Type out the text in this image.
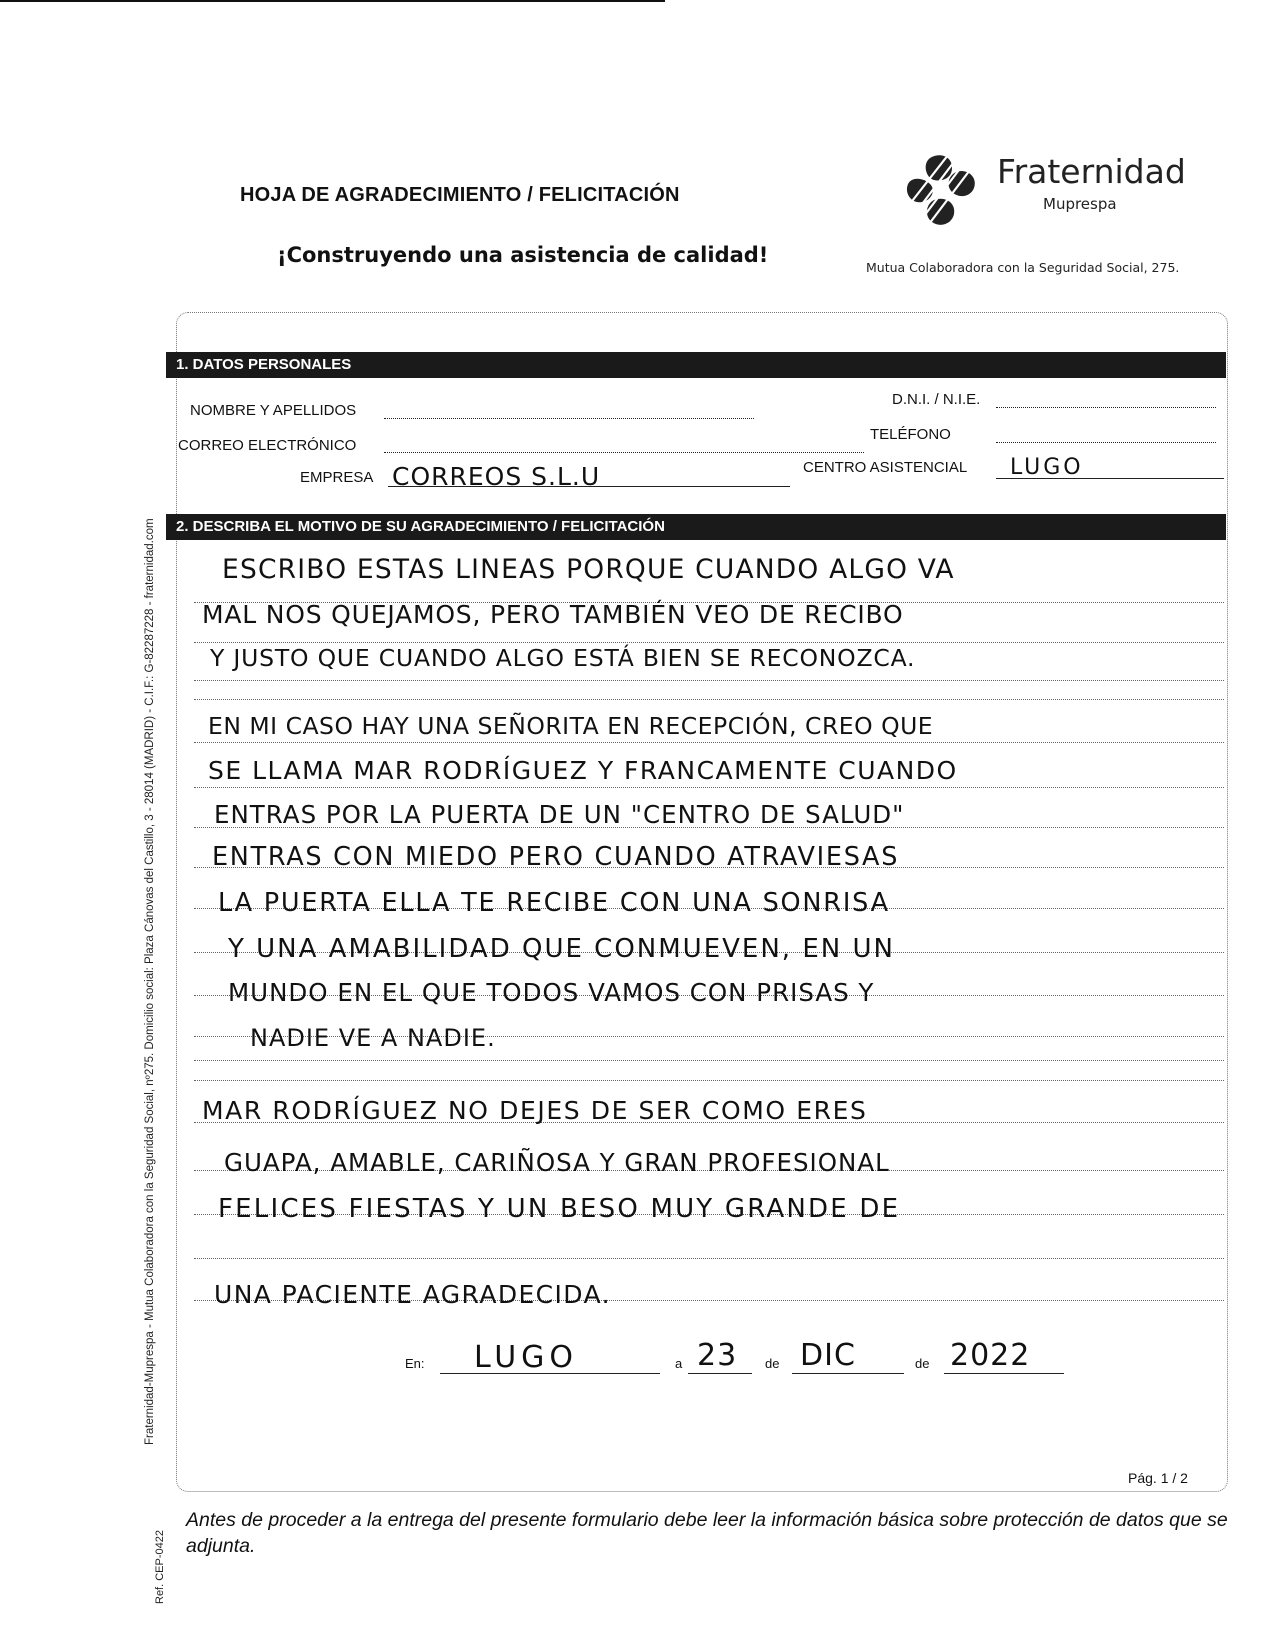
HOJA DE AGRADECIMIENTO / FELICITACIÓN
¡Construyendo una asistencia de calidad!
Fraternidad
Muprespa
Mutua Colaboradora con la Seguridad Social, 275.
1. DATOS PERSONALES
NOMBRE Y APELLIDOS
D.N.I. / N.I.E.
CORREO ELECTRÓNICO
TELÉFONO
EMPRESA CORREOS S.L.U	CENTRO ASISTENCIAL LUGO
2. DESCRIBA EL MOTIVO DE SU AGRADECIMIENTO / FELICITACIÓN
ESCRIBO ESTAS LINEAS PORQUE CUANDO ALGO VA
MAL NOS QUEJAMOS, PERO TAMBIÉN VEO DE RECIBO
Y JUSTO QUE CUANDO ALGO ESTÁ BIEN SE RECONOZCA.
EN MI CASO HAY UNA SEÑORITA EN RECEPCIÓN, CREO QUE
SE LLAMA MAR RODRÍGUEZ Y FRANCAMENTE CUANDO
ENTRAS POR LA PUERTA DE UN "CENTRO DE SALUD"
ENTRAS CON MIEDO PERO CUANDO ATRAVIESAS
LA PUERTA ELLA TE RECIBE CON UNA SONRISA
Y UNA AMABILIDAD QUE CONMUEVEN, EN UN
MUNDO EN EL QUE TODOS VAMOS CON PRISAS Y
NADIE VE A NADIE.
MAR RODRÍGUEZ NO DEJES DE SER COMO ERES
GUAPA, AMABLE, CARIÑOSA Y GRAN PROFESIONAL
FELICES FIESTAS Y UN BESO MUY GRANDE DE
UNA PACIENTE AGRADECIDA.
En: LUGO	a 23 de DIC	de 2022
Fraternidad-Muprespa - Mutua Colaboradora con la Seguridad Social, nº275. Domicilio social: Plaza Cánovas del Castillo, 3 - 28014 (MADRID) - C.I.F.: G-82287228 - fraternidad.com
Pág. 1 / 2
Antes de proceder a la entrega del presente formulario debe leer la información básica sobre protección de datos que se adjunta.
Ref. CEP-0422
